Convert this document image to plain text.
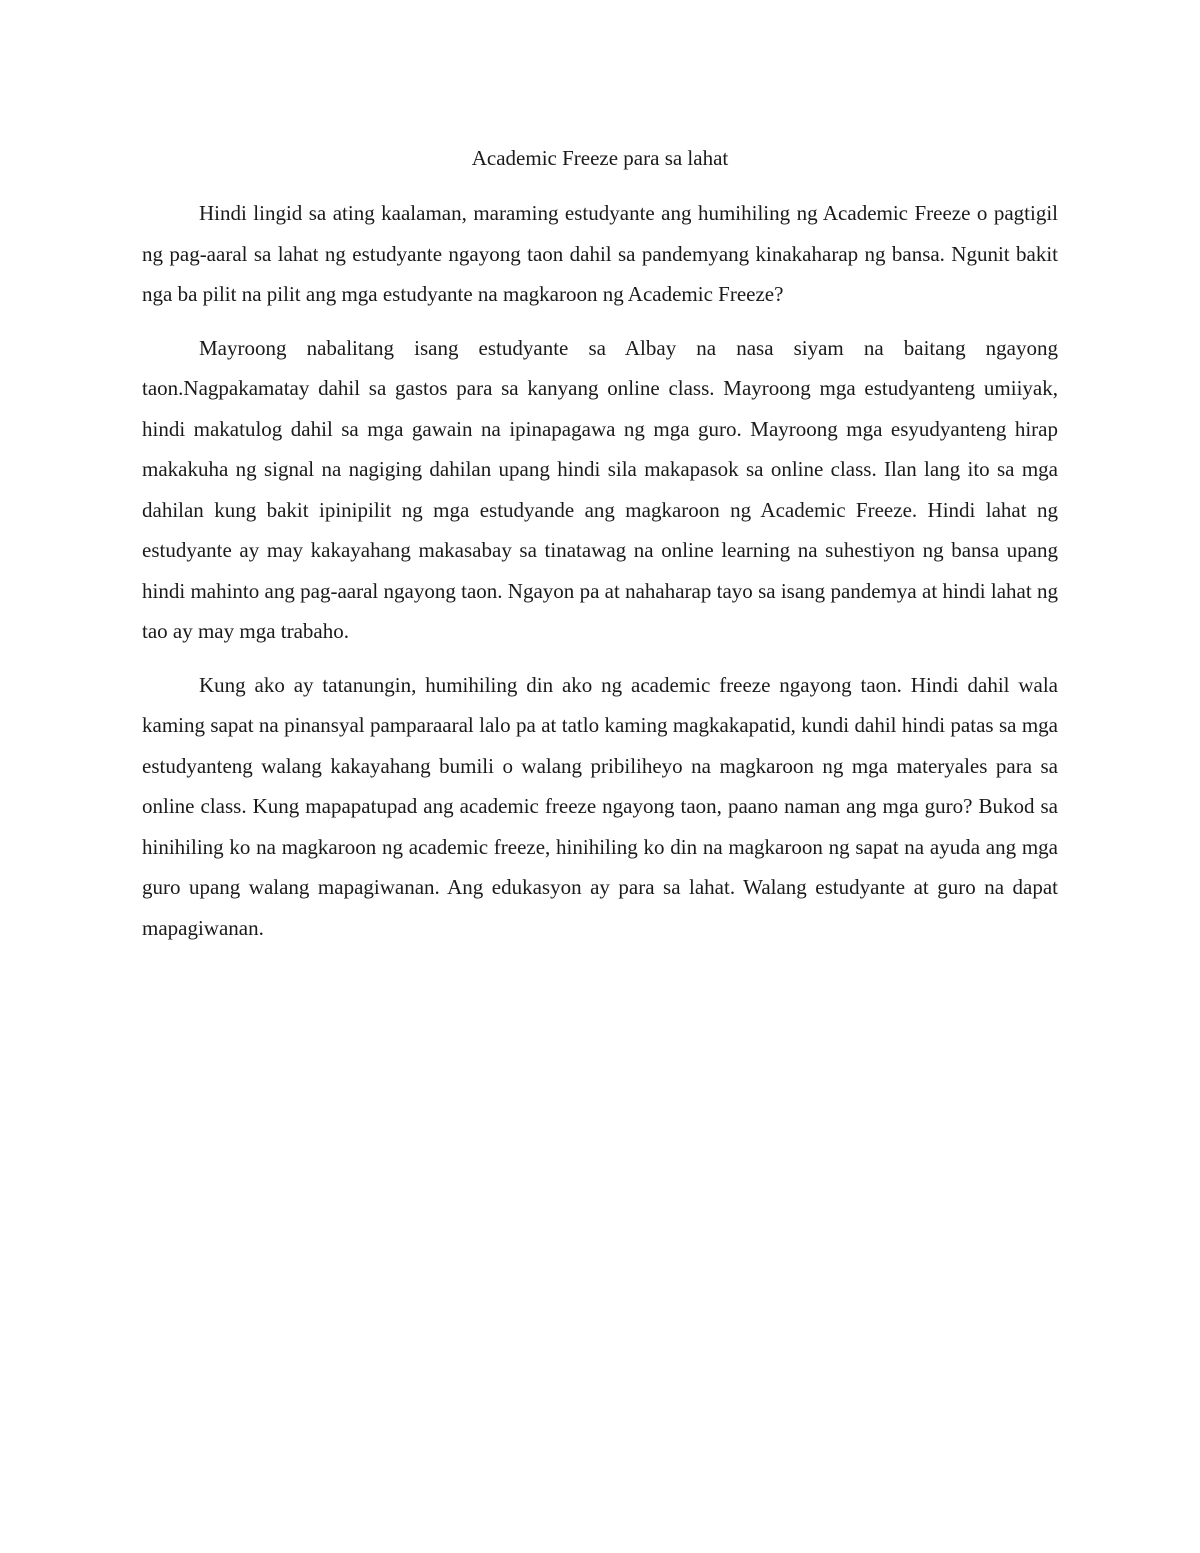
Academic Freeze para sa lahat

Hindi lingid sa ating kaalaman, maraming estudyante ang humihiling ng Academic Freeze o pagtigil ng pag-aaral sa lahat ng estudyante ngayong taon dahil sa pandemyang kinakaharap ng bansa. Ngunit bakit nga ba pilit na pilit ang mga estudyante na magkaroon ng Academic Freeze?

Mayroong nabalitang isang estudyante sa Albay na nasa siyam na baitang ngayong taon.Nagpakamatay dahil sa gastos para sa kanyang online class. Mayroong mga estudyanteng umiiyak, hindi makatulog dahil sa mga gawain na ipinapagawa ng mga guro. Mayroong mga esyudyanteng hirap makakuha ng signal na nagiging dahilan upang hindi sila makapasok sa online class. Ilan lang ito sa mga dahilan kung bakit ipinipilit ng mga estudyande ang magkaroon ng Academic Freeze. Hindi lahat ng estudyante ay may kakayahang makasabay sa tinatawag na online learning na suhestiyon ng bansa upang hindi mahinto ang pag-aaral ngayong taon. Ngayon pa at nahaharap tayo sa isang pandemya at hindi lahat ng tao ay may mga trabaho.

Kung ako ay tatanungin, humihiling din ako ng academic freeze ngayong taon. Hindi dahil wala kaming sapat na pinansyal pamparaaral lalo pa at tatlo kaming magkakapatid, kundi dahil hindi patas sa mga estudyanteng walang kakayahang bumili o walang pribiliheyo na magkaroon ng mga materyales para sa online class. Kung mapapatupad ang academic freeze ngayong taon, paano naman ang mga guro? Bukod sa hinihiling ko na magkaroon ng academic freeze, hinihiling ko din na magkaroon ng sapat na ayuda ang mga guro upang walang mapagiwanan. Ang edukasyon ay para sa lahat. Walang estudyante at guro na dapat mapagiwanan.
